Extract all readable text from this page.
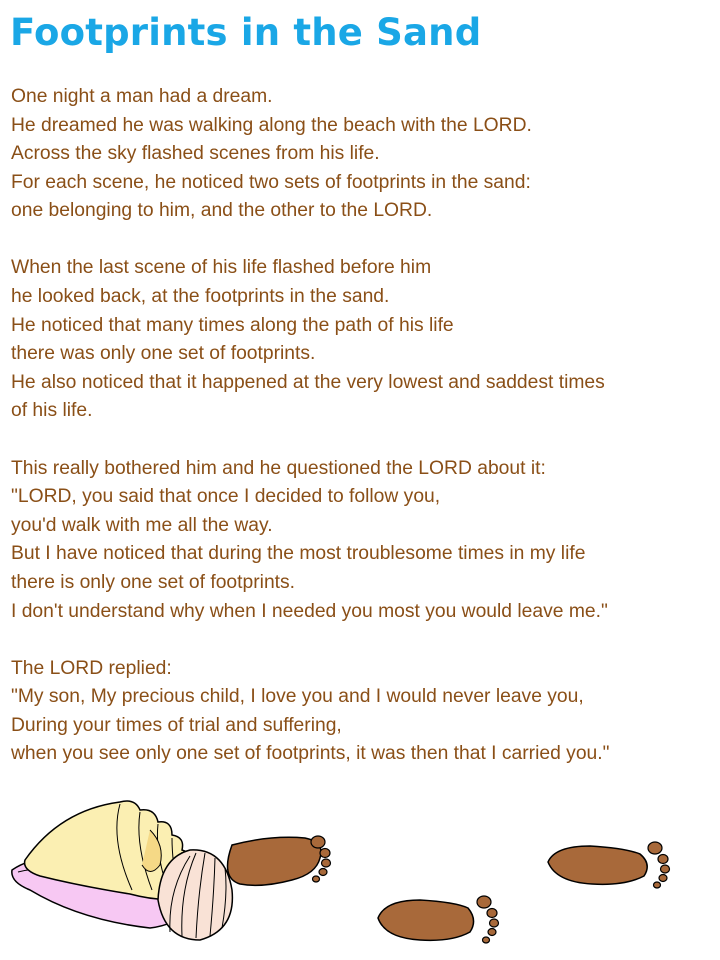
Footprints in the Sand
One night a man had a dream.
He dreamed he was walking along the beach with the LORD.
Across the sky flashed scenes from his life.
For each scene, he noticed two sets of footprints in the sand:
one belonging to him, and the other to the LORD.
When the last scene of his life flashed before him
he looked back, at the footprints in the sand.
He noticed that many times along the path of his life
there was only one set of footprints.
He also noticed that it happened at the very lowest and saddest times
of his life.
This really bothered him and he questioned the LORD about it:
"LORD, you said that once I decided to follow you,
you'd walk with me all the way.
But I have noticed that during the most troublesome times in my life
there is only one set of footprints.
I don't understand why when I needed you most you would leave me."
The LORD replied:
"My son, My precious child, I love you and I would never leave you,
During your times of trial and suffering,
when you see only one set of footprints, it was then that I carried you."
